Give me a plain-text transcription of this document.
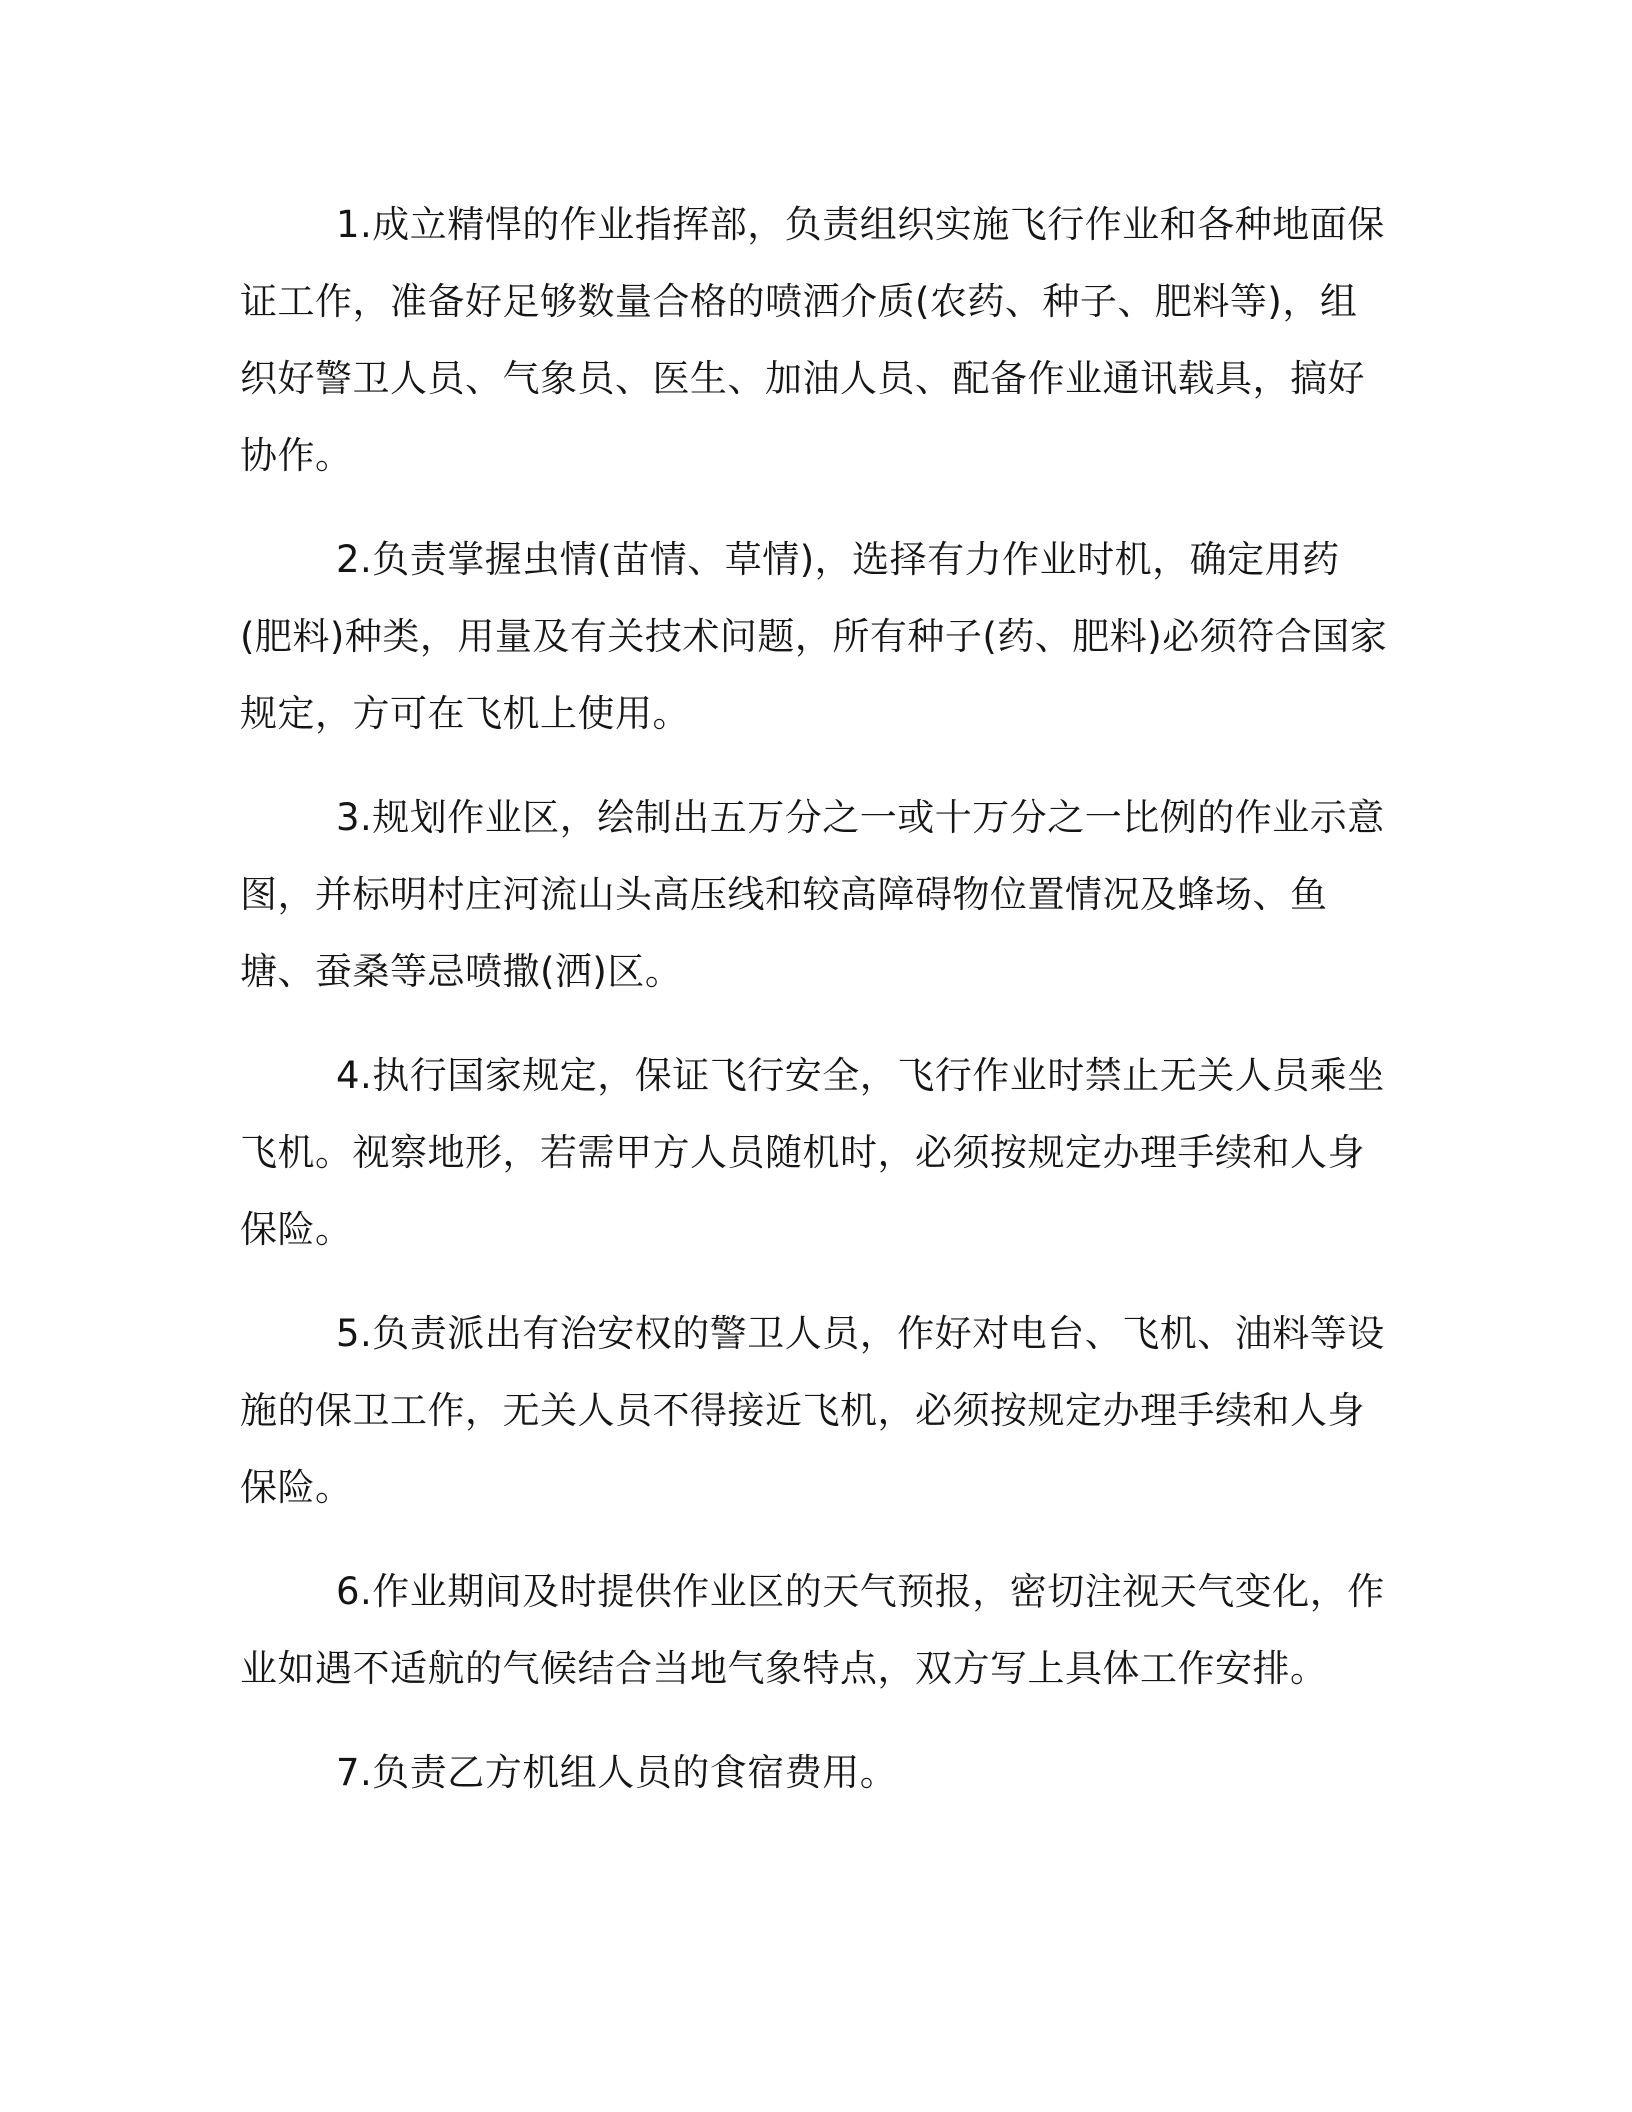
1.成立精悍的作业指挥部，负责组织实施飞行作业和各种地面保证工作，准备好足够数量合格的喷洒介质(农药、种子、肥料等)，组织好警卫人员、气象员、医生、加油人员、配备作业通讯载具，搞好协作。

2.负责掌握虫情(苗情、草情)，选择有力作业时机，确定用药(肥料)种类，用量及有关技术问题，所有种子(药、肥料)必须符合国家规定，方可在飞机上使用。

3.规划作业区，绘制出五万分之一或十万分之一比例的作业示意图，并标明村庄河流山头高压线和较高障碍物位置情况及蜂场、鱼塘、蚕桑等忌喷撒(洒)区。

4.执行国家规定，保证飞行安全，飞行作业时禁止无关人员乘坐飞机。视察地形，若需甲方人员随机时，必须按规定办理手续和人身保险。

5.负责派出有治安权的警卫人员，作好对电台、飞机、油料等设施的保卫工作，无关人员不得接近飞机，必须按规定办理手续和人身保险。

6.作业期间及时提供作业区的天气预报，密切注视天气变化，作业如遇不适航的气候结合当地气象特点，双方写上具体工作安排。

7.负责乙方机组人员的食宿费用。
